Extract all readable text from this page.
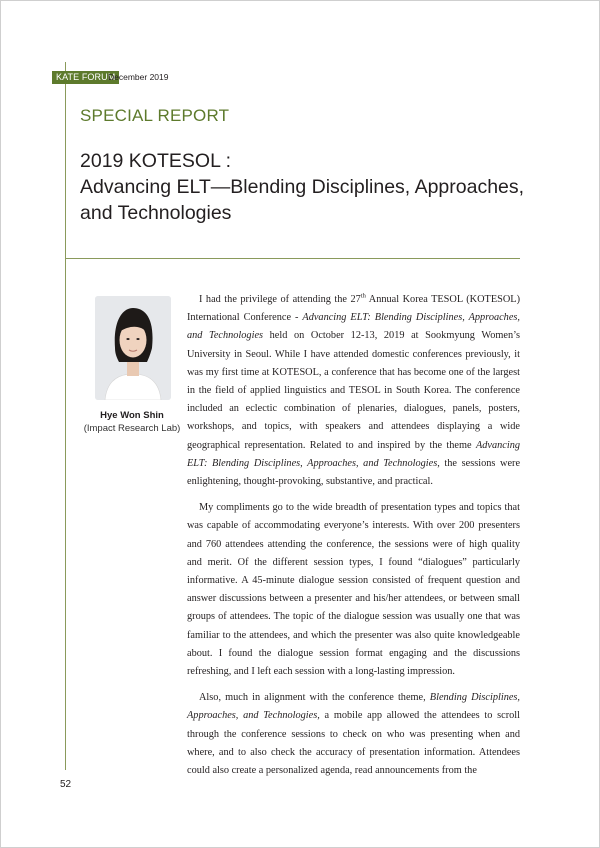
KATE FORUM
December 2019
SPECIAL REPORT
2019 KOTESOL :
Advancing ELT—Blending Disciplines, Approaches,
and Technologies
Hye Won Shin
(Impact Research Lab)

I had the privilege of attending the 27th Annual Korea TESOL (KOTESOL) International Conference - Advancing ELT: Blending Disciplines, Approaches, and Technologies held on October 12-13, 2019 at Sookmyung Women’s University in Seoul. While I have attended domestic conferences previously, it was my first time at KOTESOL, a conference that has become one of the largest in the field of applied linguistics and TESOL in South Korea. The conference included an eclectic combination of plenaries, dialogues, panels, posters, workshops, and topics, with speakers and attendees displaying a wide geographical representation. Related to and inspired by the theme Advancing ELT: Blending Disciplines, Approaches, and Technologies, the sessions were enlightening, thought-provoking, substantive, and practical.

My compliments go to the wide breadth of presentation types and topics that was capable of accommodating everyone’s interests. With over 200 presenters and 760 attendees attending the conference, the sessions were of high quality and merit. Of the different session types, I found “dialogues” particularly informative. A 45-minute dialogue session consisted of frequent question and answer discussions between a presenter and his/her attendees, or between small groups of attendees. The topic of the dialogue session was usually one that was familiar to the attendees, and which the presenter was also quite knowledgeable about. I found the dialogue session format engaging and the discussions refreshing, and I left each session with a long-lasting impression.

Also, much in alignment with the conference theme, Blending Disciplines, Approaches, and Technologies, a mobile app allowed the attendees to scroll through the conference sessions to check on who was presenting when and where, and to also check the accuracy of presentation information. Attendees could also create a personalized agenda, read announcements from the

52
